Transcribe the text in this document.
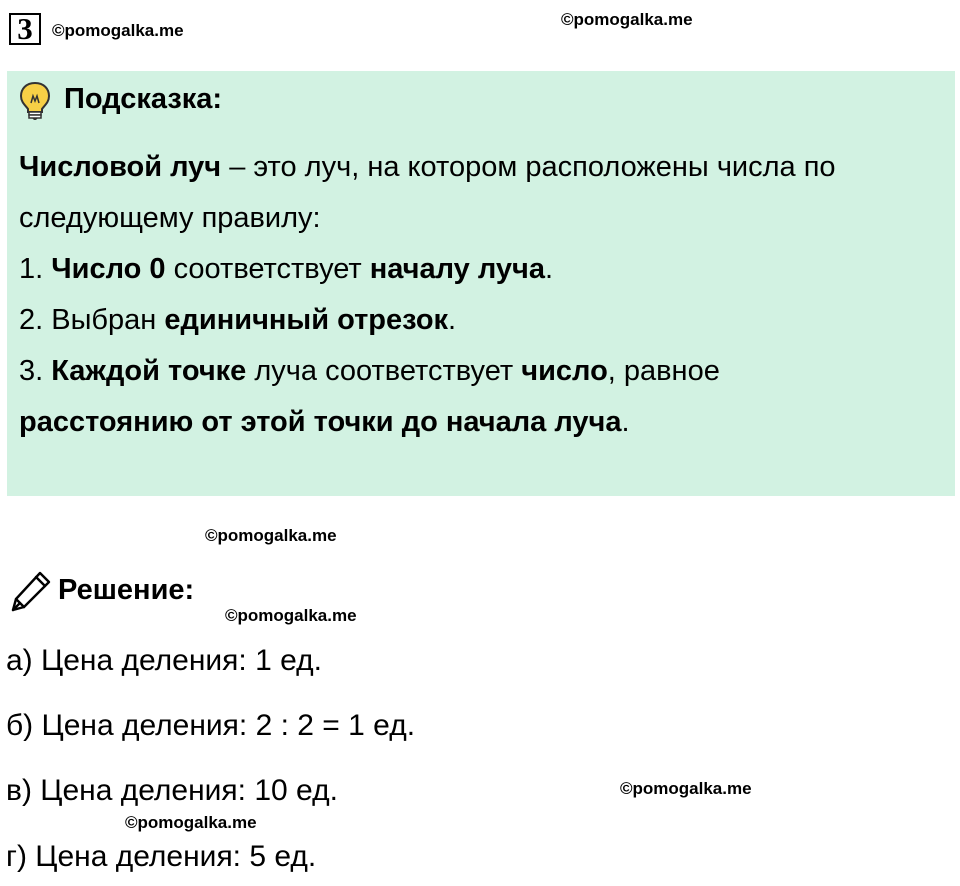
3	©pomogalka.me
©pomogalka.me
©pomogalka.me
©pomogalka.me
©pomogalka.me
©pomogalka.me
Подсказка:

Числовой луч – это луч, на котором расположены числа по

следующему правилу:

1. Число 0 соответствует началу луча.

2. Выбран единичный отрезок.

3. Каждой точке луча соответствует число, равное

расстоянию от этой точки до начала луча.

Решение:
а) Цена деления: 1 ед.
б) Цена деления: 2 : 2 = 1 ед.
в) Цена деления: 10 ед.
г) Цена деления: 5 ед.
